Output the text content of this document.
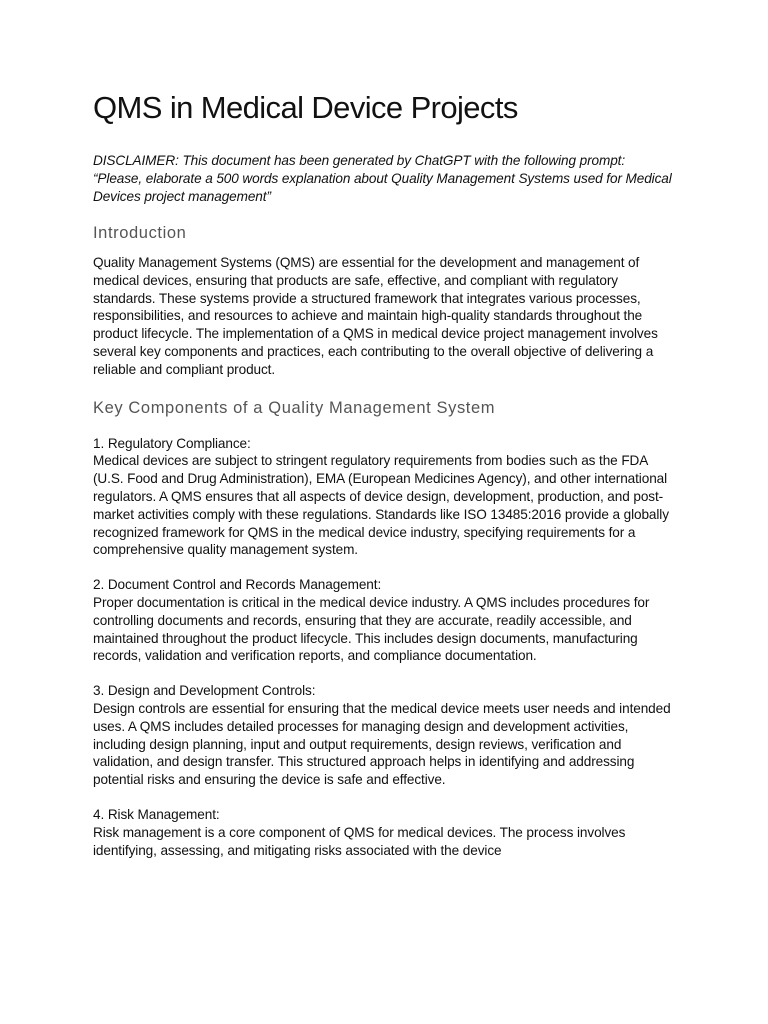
QMS in Medical Device Projects

DISCLAIMER: This document has been generated by ChatGPT with the following prompt: “Please, elaborate a 500 words explanation about Quality Management Systems used for Medical Devices project management”

Introduction

Quality Management Systems (QMS) are essential for the development and management of medical devices, ensuring that products are safe, effective, and compliant with regulatory standards. These systems provide a structured framework that integrates various processes, responsibilities, and resources to achieve and maintain high-quality standards throughout the product lifecycle. The implementation of a QMS in medical device project management involves several key components and practices, each contributing to the overall objective of delivering a reliable and compliant product.

Key Components of a Quality Management System

1. Regulatory Compliance:

Medical devices are subject to stringent regulatory requirements from bodies such as the FDA (U.S. Food and Drug Administration), EMA (European Medicines Agency), and other international regulators. A QMS ensures that all aspects of device design, development, production, and post-market activities comply with these regulations. Standards like ISO 13485:2016 provide a globally recognized framework for QMS in the medical device industry, specifying requirements for a comprehensive quality management system.

2. Document Control and Records Management:

Proper documentation is critical in the medical device industry. A QMS includes procedures for controlling documents and records, ensuring that they are accurate, readily accessible, and maintained throughout the product lifecycle. This includes design documents, manufacturing records, validation and verification reports, and compliance documentation.

3. Design and Development Controls:

Design controls are essential for ensuring that the medical device meets user needs and intended uses. A QMS includes detailed processes for managing design and development activities, including design planning, input and output requirements, design reviews, verification and validation, and design transfer. This structured approach helps in identifying and addressing potential risks and ensuring the device is safe and effective.

4. Risk Management:

Risk management is a core component of QMS for medical devices. The process involves identifying, assessing, and mitigating risks associated with the device
